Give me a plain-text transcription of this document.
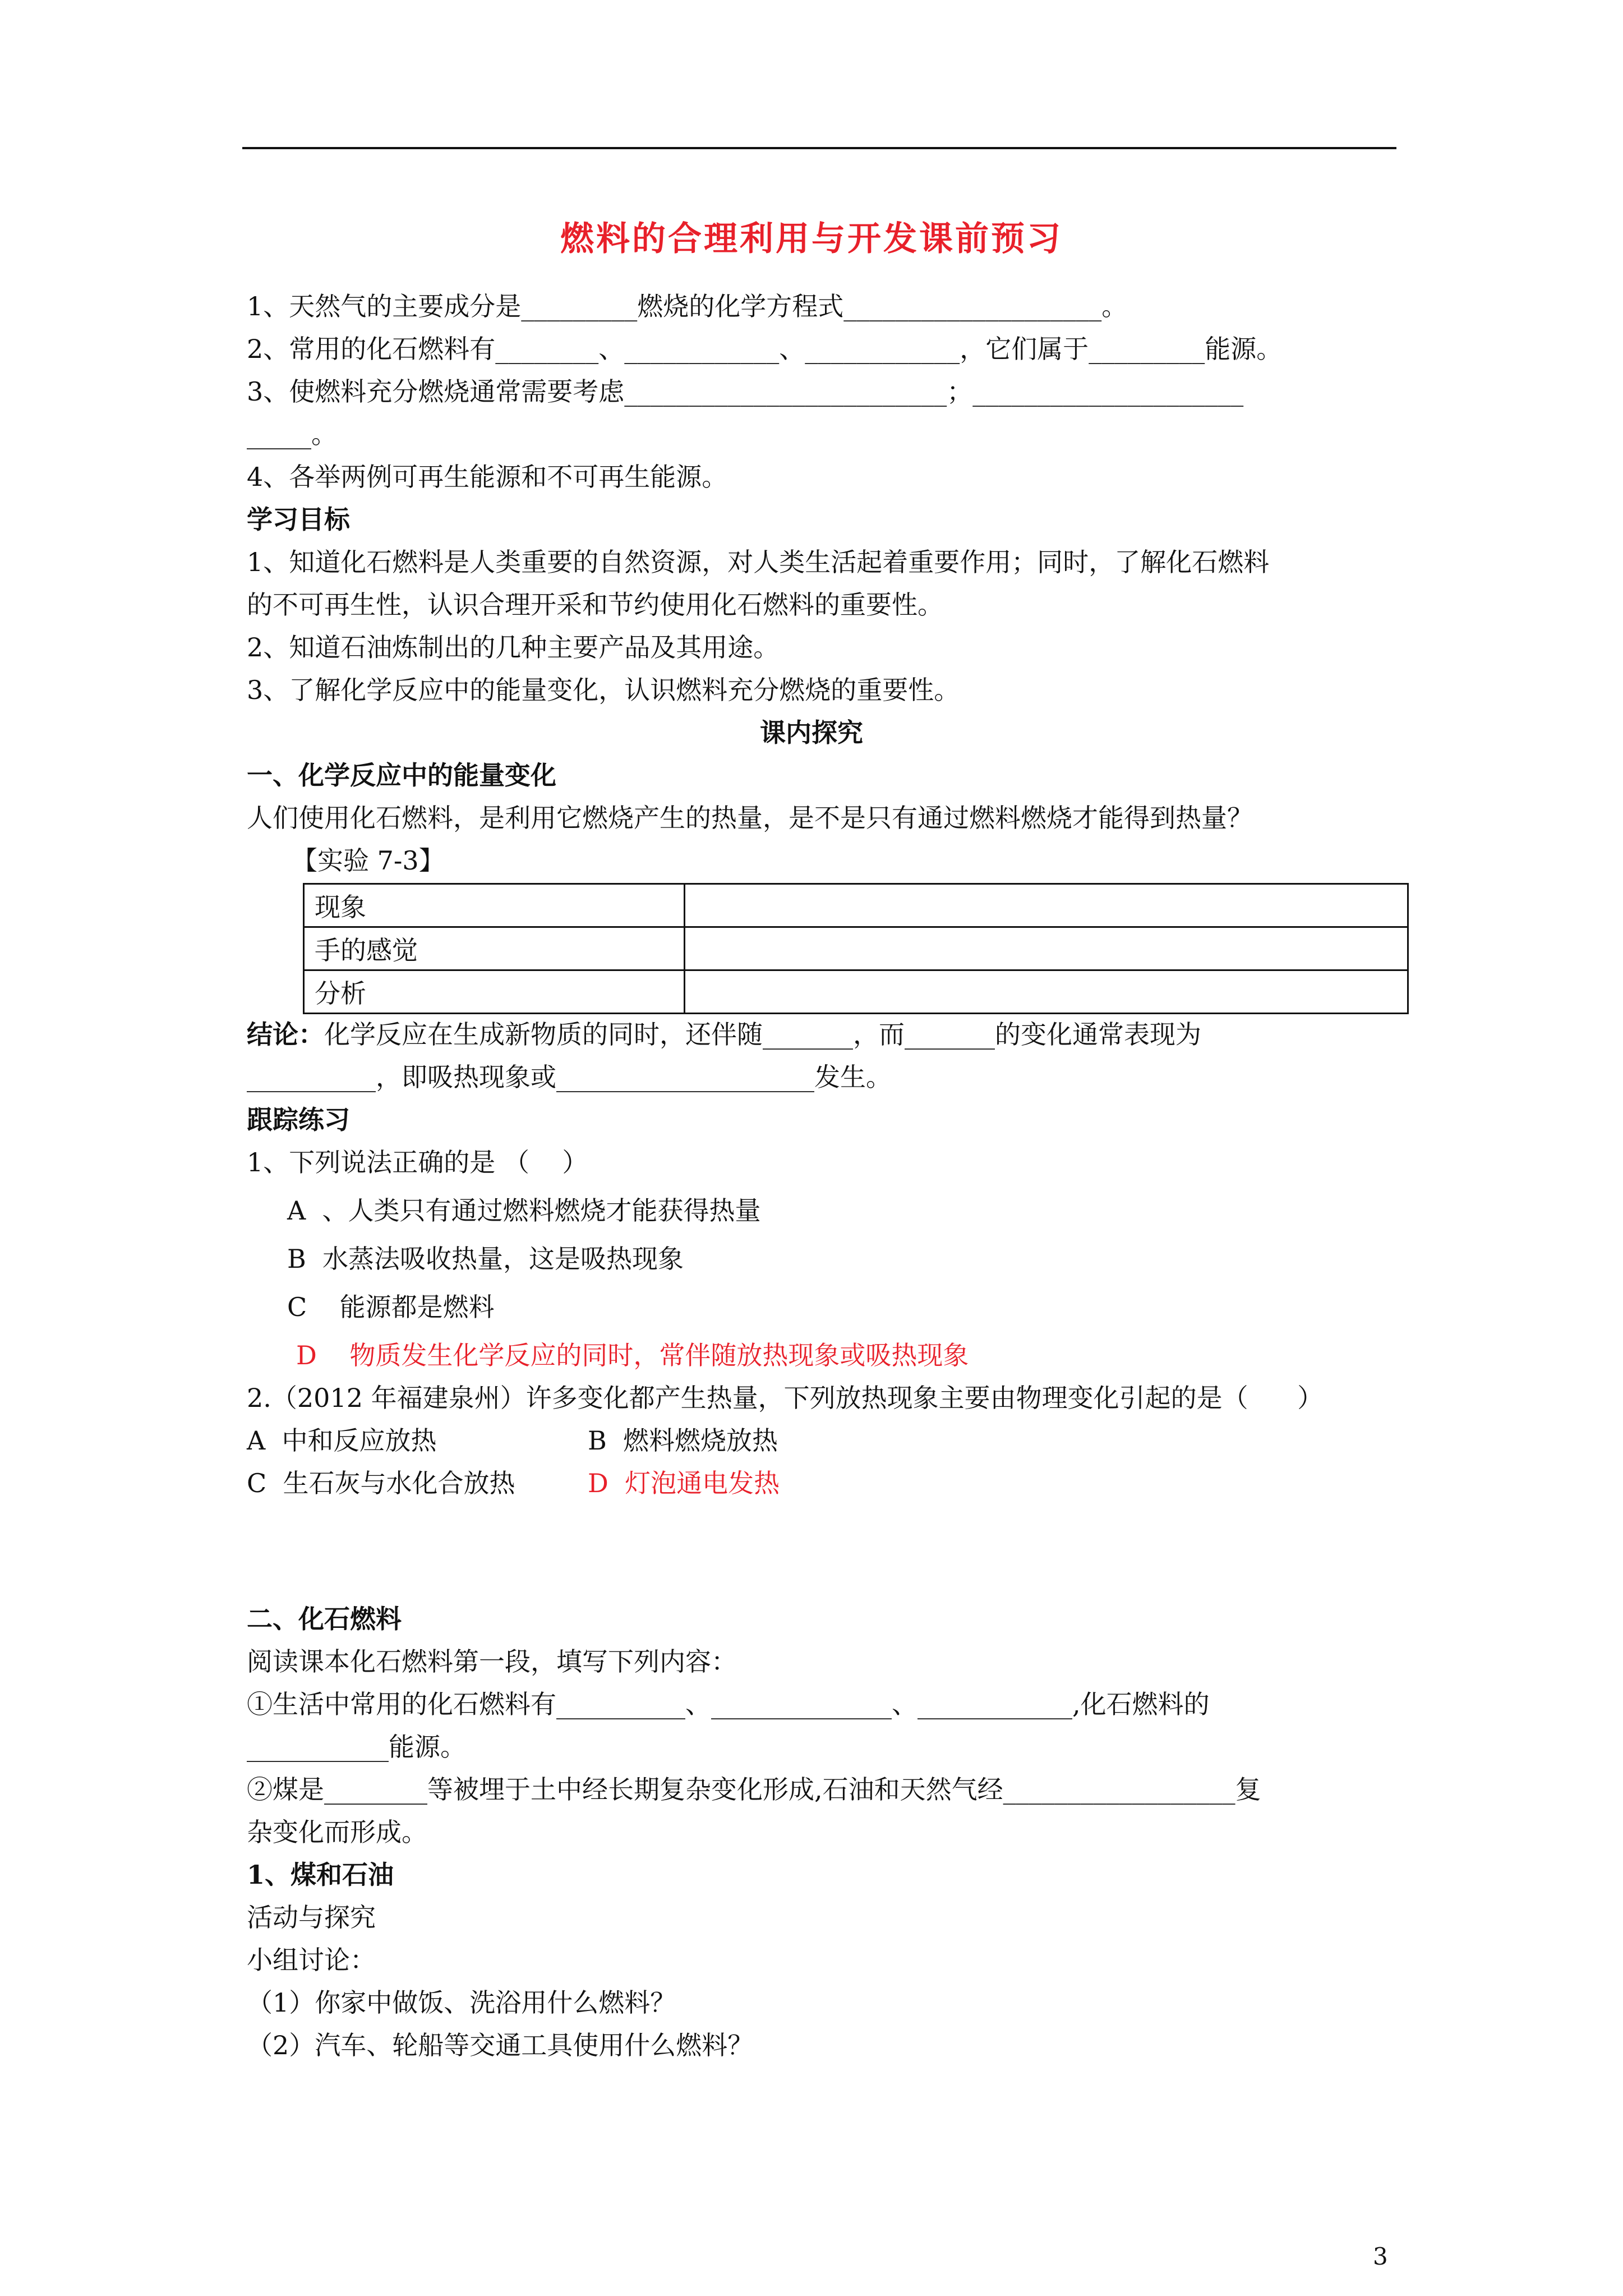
燃料的合理利用与开发课前预习
1、天然气的主要成分是_________燃烧的化学方程式____________________。
2、常用的化石燃料有________、____________、____________，它们属于_________能源。
3、使燃料充分燃烧通常需要考虑_________________________；_____________________
_____。
4、各举两例可再生能源和不可再生能源。
学习目标
1、知道化石燃料是人类重要的自然资源，对人类生活起着重要作用；同时，了解化石燃料
的不可再生性，认识合理开采和节约使用化石燃料的重要性。
2、知道石油炼制出的几种主要产品及其用途。
3、了解化学反应中的能量变化，认识燃料充分燃烧的重要性。
课内探究
一、化学反应中的能量变化
人们使用化石燃料，是利用它燃烧产生的热量，是不是只有通过燃料燃烧才能得到热量？
【实验 7-3】
现象	
手的感觉	
分析	
结论：化学反应在生成新物质的同时，还伴随_______，而_______的变化通常表现为
__________，即吸热现象或____________________发生。
跟踪练习
1、下列说法正确的是 （    ）
A  、人类只有通过燃料燃烧才能获得热量
B  水蒸法吸收热量，这是吸热现象
C    能源都是燃料
D    物质发生化学反应的同时，常伴随放热现象或吸热现象
2.（2012 年福建泉州）许多变化都产生热量，下列放热现象主要由物理变化引起的是（      ）
A  中和反应放热	B  燃料燃烧放热
C  生石灰与水化合放热	D  灯泡通电发热
二、化石燃料
阅读课本化石燃料第一段，填写下列内容：
①生活中常用的化石燃料有__________、______________、____________,化石燃料的
___________能源。
②煤是________等被埋于土中经长期复杂变化形成,石油和天然气经__________________复
杂变化而形成。
1、煤和石油
活动与探究
小组讨论：
（1）你家中做饭、洗浴用什么燃料？
（2）汽车、轮船等交通工具使用什么燃料？
3
